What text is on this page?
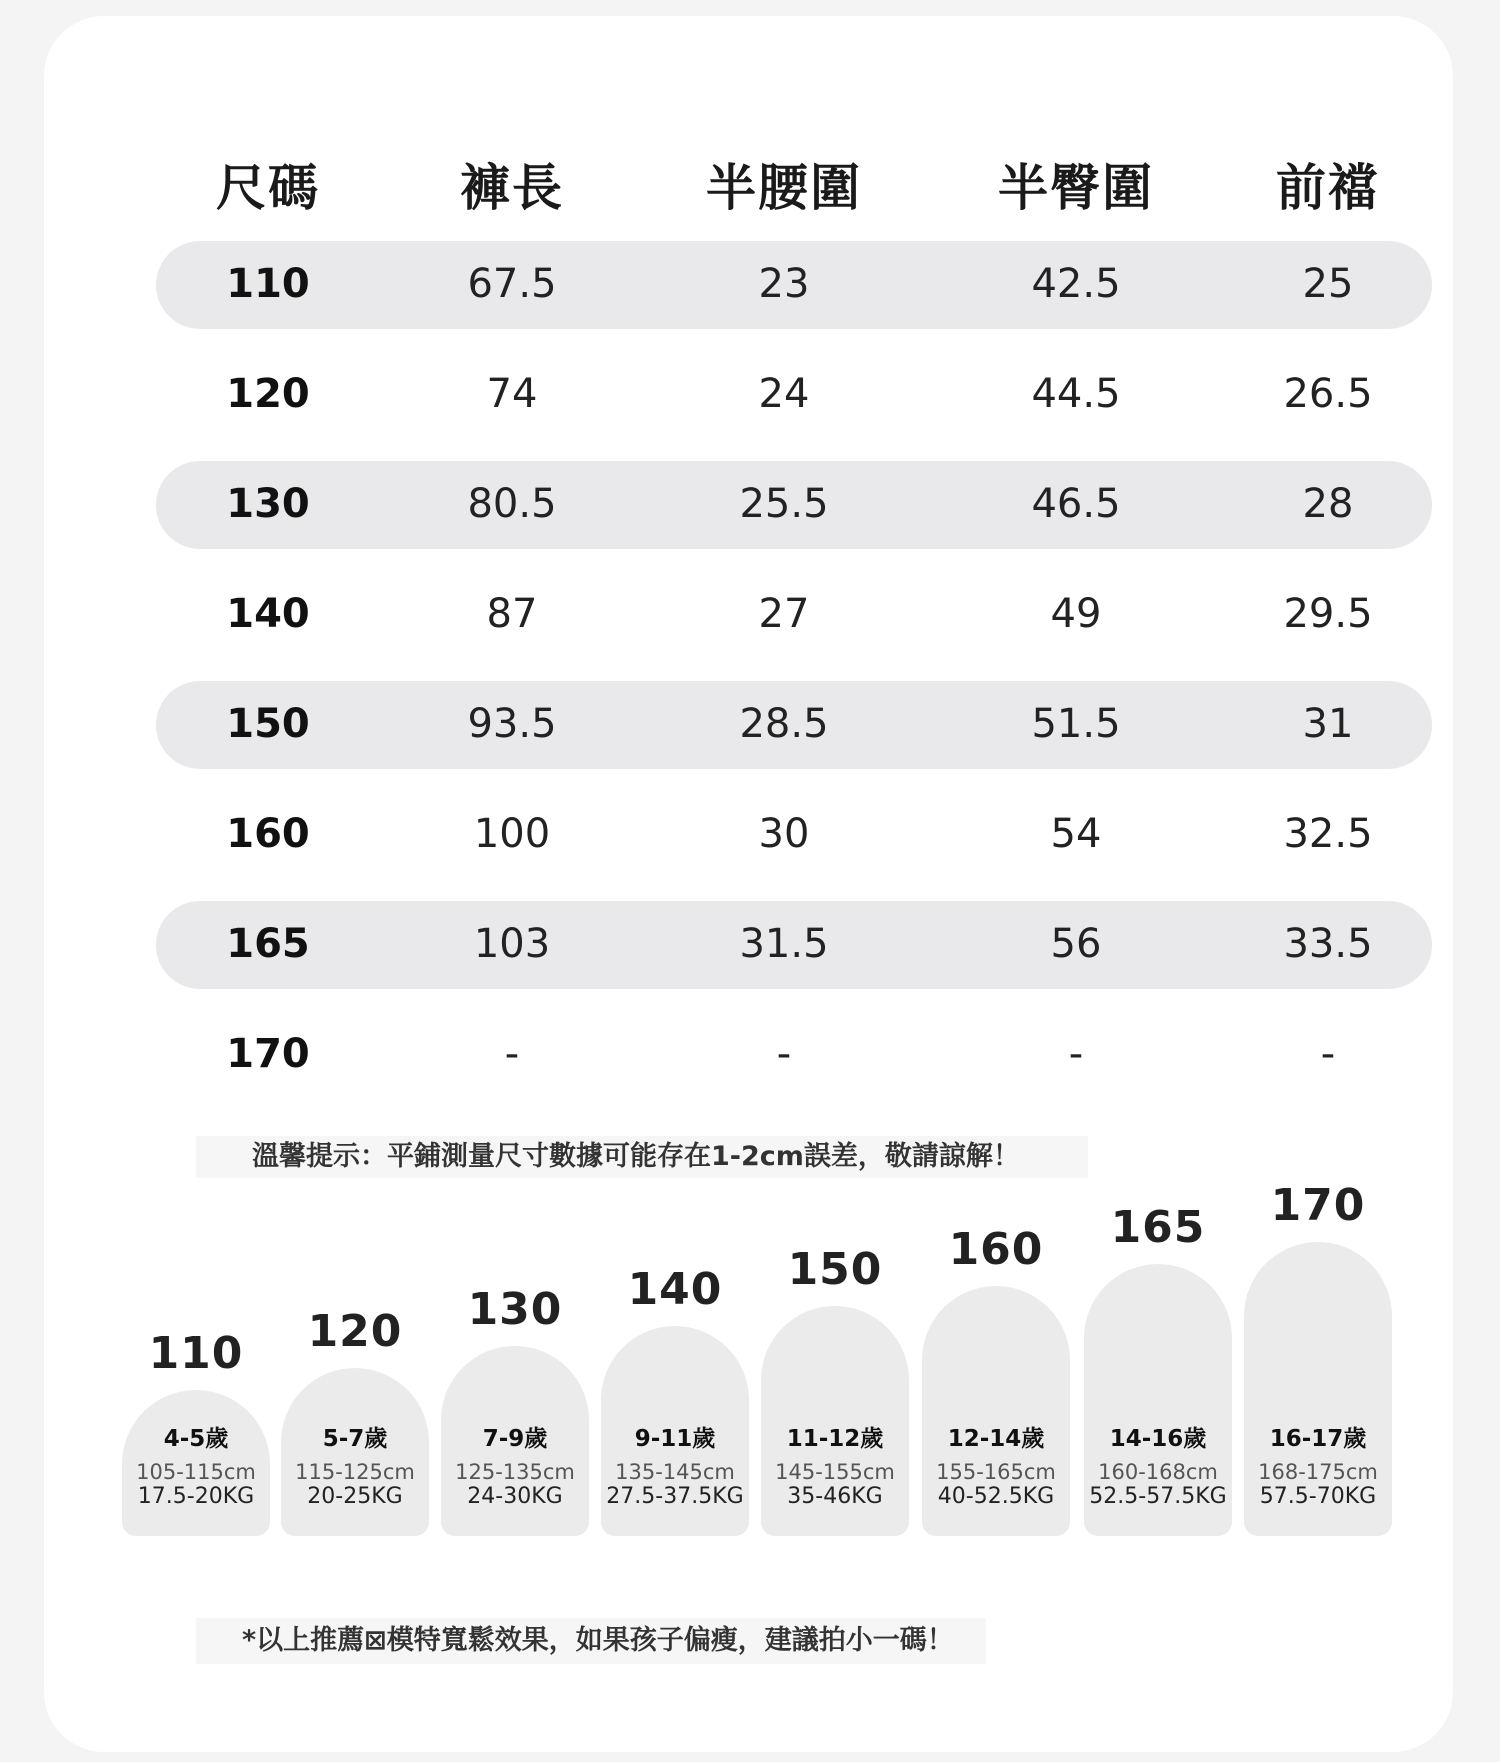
尺碼	褲長	半腰圍	半臀圍 前襠
110	67.5	23	42.5	25
120	74	24	44.5	26.5
130	80.5	25.5	46.5	28
140	87	27	49	29.5
150	93.5	28.5	51.5	31
160	100	30	54	32.5
165	103	31.5	56	33.5
170	-	-	-	-
溫馨提示：平鋪測量尺寸數據可能存在1-2cm誤差，敬請諒解！
110
4-5歲
105-115cm
17.5-20KG
120
5-7歲
115-125cm
20-25KG
130
7-9歲
125-135cm
24-30KG
140
9-11歲
135-145cm
27.5-37.5KG
150
11-12歲
145-155cm
35-46KG
160
12-14歲
155-165cm
40-52.5KG
165
14-16歲
160-168cm
52.5-57.5KG
170
16-17歲
168-175cm
57.5-70KG
*以上推薦⊠模特寬鬆效果，如果孩子偏瘦，建議拍小一碼！
